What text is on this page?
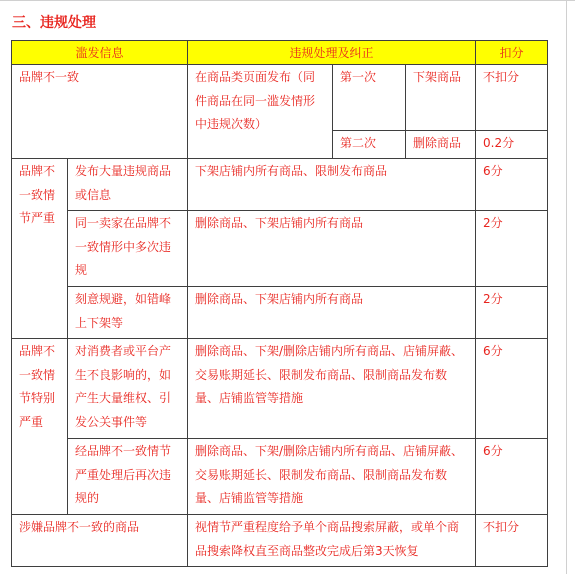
三、违规处理
滥发信息		违规处理及纠正			扣分
品牌不一致		在商品类页面发布（同件商品在同一滥发情形中违规次数）	第一次	下架商品	不扣分
			第二次	删除商品	0.2分
品牌不一致情节严重	发布大量违规商品或信息	下架店铺内所有商品、限制发布商品			6分
	同一卖家在品牌不一致情形中多次违规	删除商品、下架店铺内所有商品			2分
	刻意规避，如错峰上下架等	删除商品、下架店铺内所有商品			2分
品牌不一致情节特别严重	对消费者或平台产生不良影响的，如产生大量维权、引发公关事件等	删除商品、下架/删除店铺内所有商品、店铺屏蔽、交易账期延长、限制发布商品、限制商品发布数量、店铺监管等措施			6分
	经品牌不一致情节严重处理后再次违规的	删除商品、下架/删除店铺内所有商品、店铺屏蔽、交易账期延长、限制发布商品、限制商品发布数量、店铺监管等措施			6分
涉嫌品牌不一致的商品		视情节严重程度给予单个商品搜索屏蔽，或单个商品搜索降权直至商品整改完成后第3天恢复			不扣分
